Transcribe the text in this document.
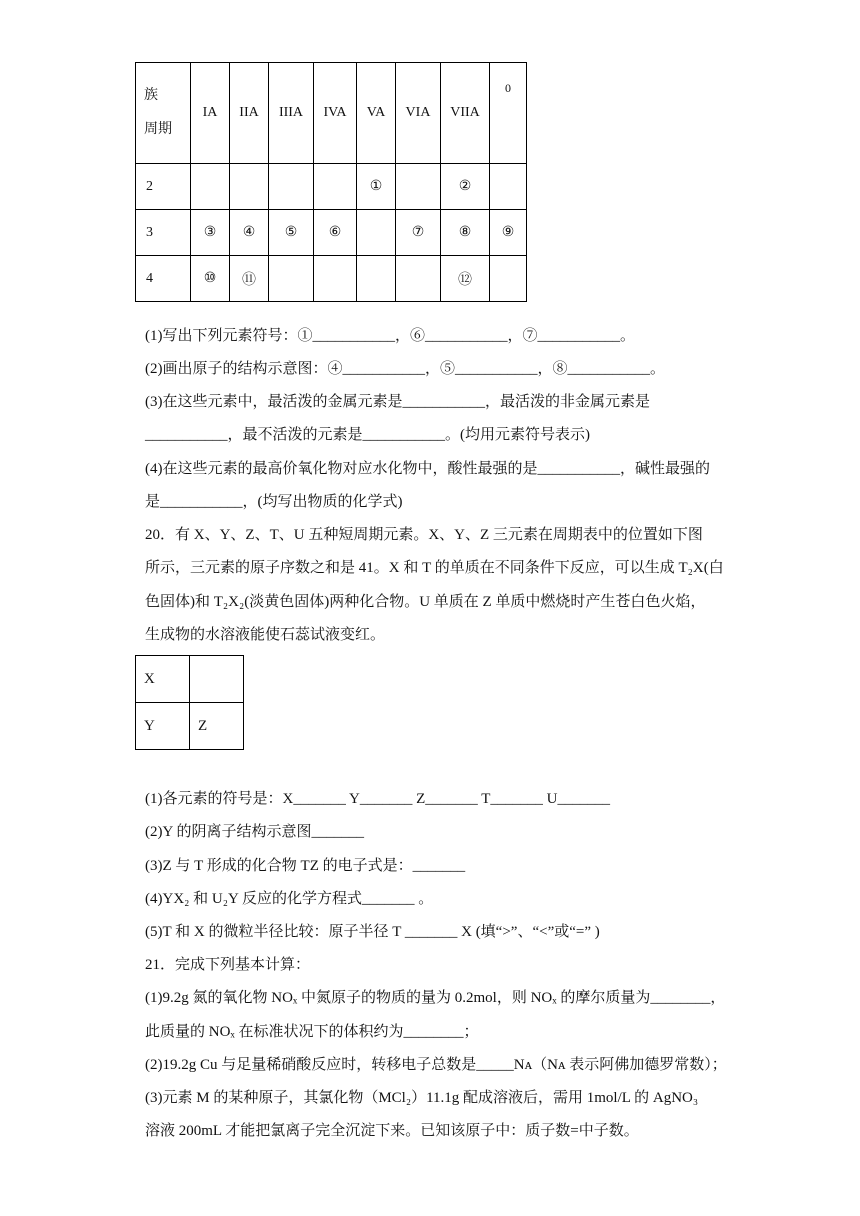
族
周期	IA	IIA	IIIA	IVA	VA	VIA	VIIA	0
2					①		②	
3	③	④	⑤	⑥		⑦	⑧	⑨
4	⑩	⑪					⑫	
(1)写出下列元素符号：①___________，⑥___________，⑦___________。
(2)画出原子的结构示意图：④___________，⑤___________，⑧___________。
(3)在这些元素中，最活泼的金属元素是___________，最活泼的非金属元素是
___________，最不活泼的元素是___________。(均用元素符号表示)
(4)在这些元素的最高价氧化物对应水化物中，酸性最强的是___________，碱性最强的
是___________，(均写出物质的化学式)
20．有 X、Y、Z、T、U 五种短周期元素。X、Y、Z 三元素在周期表中的位置如下图
所示，三元素的原子序数之和是 41。X 和 T 的单质在不同条件下反应，可以生成 T₂X(白
色固体)和 T₂X₂(淡黄色固体)两种化合物。U 单质在 Z 单质中燃烧时产生苍白色火焰，
生成物的水溶液能使石蕊试液变红。
X	
Y	Z
(1)各元素的符号是：X_______ Y_______ Z_______ T_______ U_______
(2)Y 的阴离子结构示意图_______
(3)Z 与 T 形成的化合物 TZ 的电子式是：_______
(4)YX₂ 和 U₂Y 反应的化学方程式_______ 。
(5)T 和 X 的微粒半径比较：原子半径 T _______ X (填“>”、“<”或“=” )
21．完成下列基本计算：
(1)9.2g 氮的氧化物 NOₓ 中氮原子的物质的量为 0.2mol，则 NOₓ 的摩尔质量为________，
此质量的 NOₓ 在标准状况下的体积约为________；
(2)19.2g Cu 与足量稀硝酸反应时，转移电子总数是_____Nᴀ（Nᴀ 表示阿佛加德罗常数）；
(3)元素 M 的某种原子，其氯化物（MCl₂）11.1g 配成溶液后，需用 1mol/L 的 AgNO₃
溶液 200mL 才能把氯离子完全沉淀下来。已知该原子中：质子数=中子数。
